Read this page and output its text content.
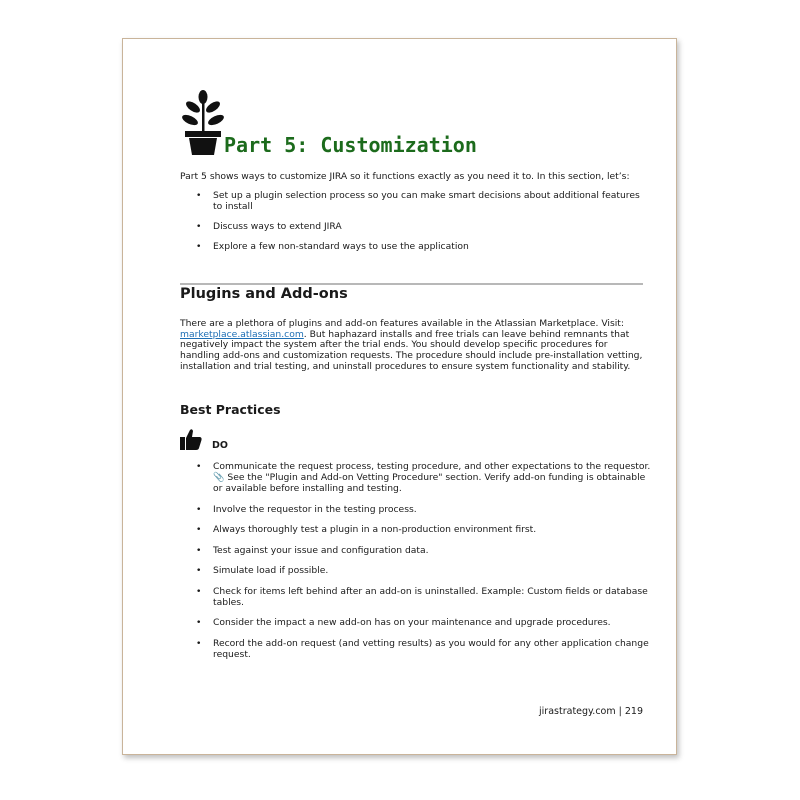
Part 5: Customization
Part 5 shows ways to customize JIRA so it functions exactly as you need it to. In this section, let’s:
• Set up a plugin selection process so you can make smart decisions about additional features to install
• Discuss ways to extend JIRA
• Explore a few non-standard ways to use the application
Plugins and Add-ons
There are a plethora of plugins and add-on features available in the Atlassian Marketplace. Visit: marketplace.atlassian.com. But haphazard installs and free trials can leave behind remnants that negatively impact the system after the trial ends. You should develop specific procedures for handling add-ons and customization requests. The procedure should include pre-installation vetting, installation and trial testing, and uninstall procedures to ensure system functionality and stability.
Best Practices
DO
• Communicate the request process, testing procedure, and other expectations to the requestor. 📎 See the "Plugin and Add-on Vetting Procedure" section. Verify add-on funding is obtainable or available before installing and testing.
• Involve the requestor in the testing process.
• Always thoroughly test a plugin in a non-production environment first.
• Test against your issue and configuration data.
• Simulate load if possible.
• Check for items left behind after an add-on is uninstalled. Example: Custom fields or database tables.
• Consider the impact a new add-on has on your maintenance and upgrade procedures.
• Record the add-on request (and vetting results) as you would for any other application change request.
jirastrategy.com | 219
